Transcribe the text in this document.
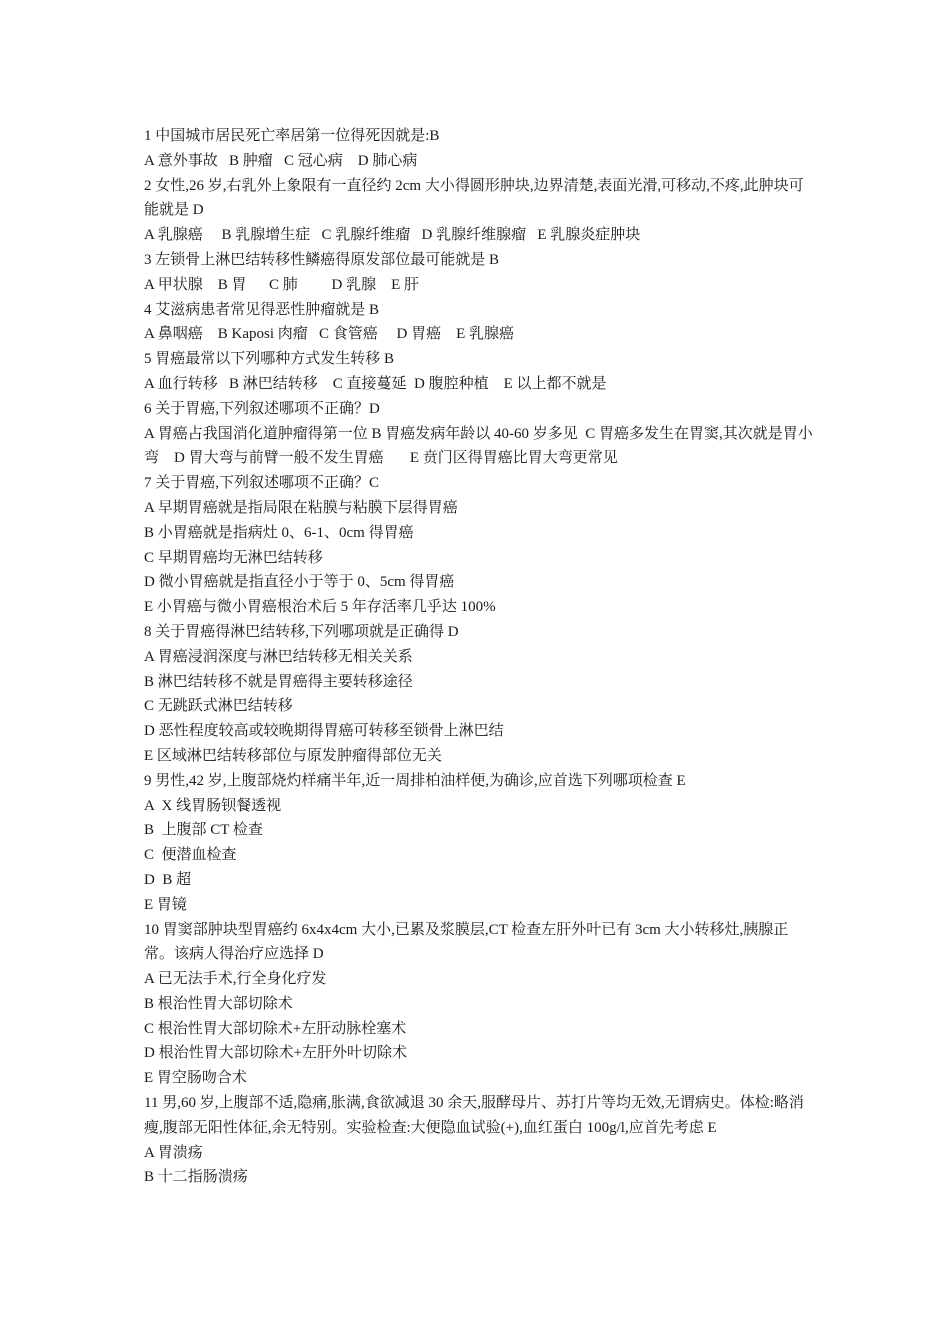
1 中国城市居民死亡率居第一位得死因就是:B

A 意外事故   B 肿瘤   C 冠心病    D 肺心病

2 女性,26 岁,右乳外上象限有一直径约 2cm 大小得圆形肿块,边界清楚,表面光滑,可移动,不疼,此肿块可能就是 D

A 乳腺癌     B 乳腺增生症   C 乳腺纤维瘤   D 乳腺纤维腺瘤   E 乳腺炎症肿块

3 左锁骨上淋巴结转移性鳞癌得原发部位最可能就是 B

A 甲状腺    B 胃      C 肺         D 乳腺    E 肝

4 艾滋病患者常见得恶性肿瘤就是 B

A 鼻咽癌    B Kaposi 肉瘤   C 食管癌     D 胃癌    E 乳腺癌

5 胃癌最常以下列哪种方式发生转移 B

A 血行转移   B 淋巴结转移    C 直接蔓延  D 腹腔种植    E 以上都不就是

6 关于胃癌,下列叙述哪项不正确？D

A 胃癌占我国消化道肿瘤得第一位 B 胃癌发病年龄以 40-60 岁多见  C 胃癌多发生在胃窦,其次就是胃小弯    D 胃大弯与前臂一般不发生胃癌       E 贲门区得胃癌比胃大弯更常见

7 关于胃癌,下列叙述哪项不正确？C

A 早期胃癌就是指局限在粘膜与粘膜下层得胃癌

B 小胃癌就是指病灶 0、6-1、0cm 得胃癌

C 早期胃癌均无淋巴结转移

D 微小胃癌就是指直径小于等于 0、5cm 得胃癌

E 小胃癌与微小胃癌根治术后 5 年存活率几乎达 100%

8 关于胃癌得淋巴结转移,下列哪项就是正确得 D

A 胃癌浸润深度与淋巴结转移无相关关系

B 淋巴结转移不就是胃癌得主要转移途径

C 无跳跃式淋巴结转移

D 恶性程度较高或较晚期得胃癌可转移至锁骨上淋巴结

E 区域淋巴结转移部位与原发肿瘤得部位无关

9 男性,42 岁,上腹部烧灼样痛半年,近一周排柏油样便,为确诊,应首选下列哪项检查 E

A  X 线胃肠钡餐透视

B  上腹部 CT 检查

C  便潜血检查

D  B 超

E 胃镜

10 胃窦部肿块型胃癌约 6x4x4cm 大小,已累及浆膜层,CT 检查左肝外叶已有 3cm 大小转移灶,胰腺正常。该病人得治疗应选择 D

A 已无法手术,行全身化疗发

B 根治性胃大部切除术

C 根治性胃大部切除术+左肝动脉栓塞术

D 根治性胃大部切除术+左肝外叶切除术

E 胃空肠吻合术

11 男,60 岁,上腹部不适,隐痛,胀满,食欲减退 30 余天,服酵母片、苏打片等均无效,无谓病史。体检:略消瘦,腹部无阳性体征,余无特别。实验检查:大便隐血试验(+),血红蛋白 100g/l,应首先考虑 E

A 胃溃疡

B 十二指肠溃疡
